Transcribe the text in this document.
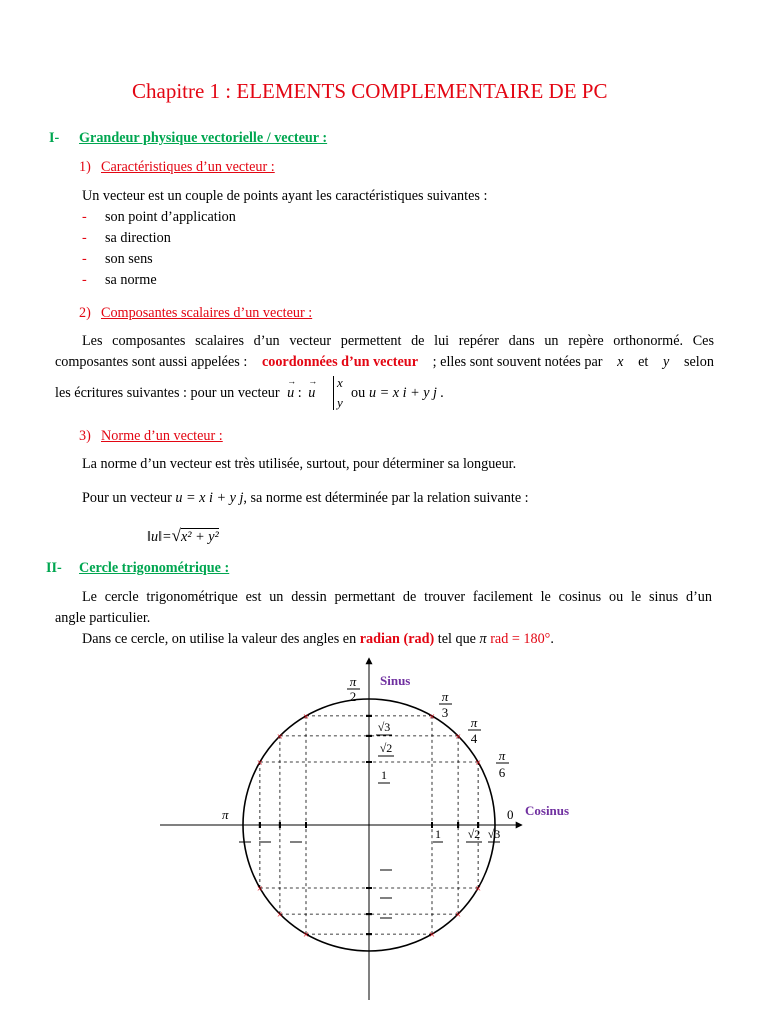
Chapitre 1 : ELEMENTS COMPLEMENTAIRE DE PC
I- Grandeur physique vectorielle / vecteur :
1) Caractéristiques d’un vecteur :
Un vecteur est un couple de points ayant les caractéristiques suivantes :
- son point d’application
- sa direction
- son sens
- sa norme
2) Composantes scalaires d’un vecteur :
Les composantes scalaires d’un vecteur permettent de lui repérer dans un repère orthonormé. Ces
composantes sont aussi appelées : coordonnées d’un vecteur ; elles sont souvent notées par x et y selon
les écritures suivantes : pour un vecteur → u : → u
x
y
ou u = x i + y j .
3) Norme d’un vecteur :
La norme d’un vecteur est très utilisée, surtout, pour déterminer sa longueur.
Pour un vecteur u = x i + y j, sa norme est déterminée par la relation suivante :
‖u‖=√x² + y²
II- Cercle trigonométrique :
Le cercle trigonométrique est un dessin permettant de trouver facilement le cosinus ou le sinus d’un
angle particulier.
Dans ce cercle, on utilise la valeur des angles en radian (rad) tel que π rad = 180°.
×
×
×
×
×
×
×
×
×	×
×
×
Sinus
Cosinus
π	0
π
2	π
3
π
4
π
6
√3
√2
1
1 √2 √3
